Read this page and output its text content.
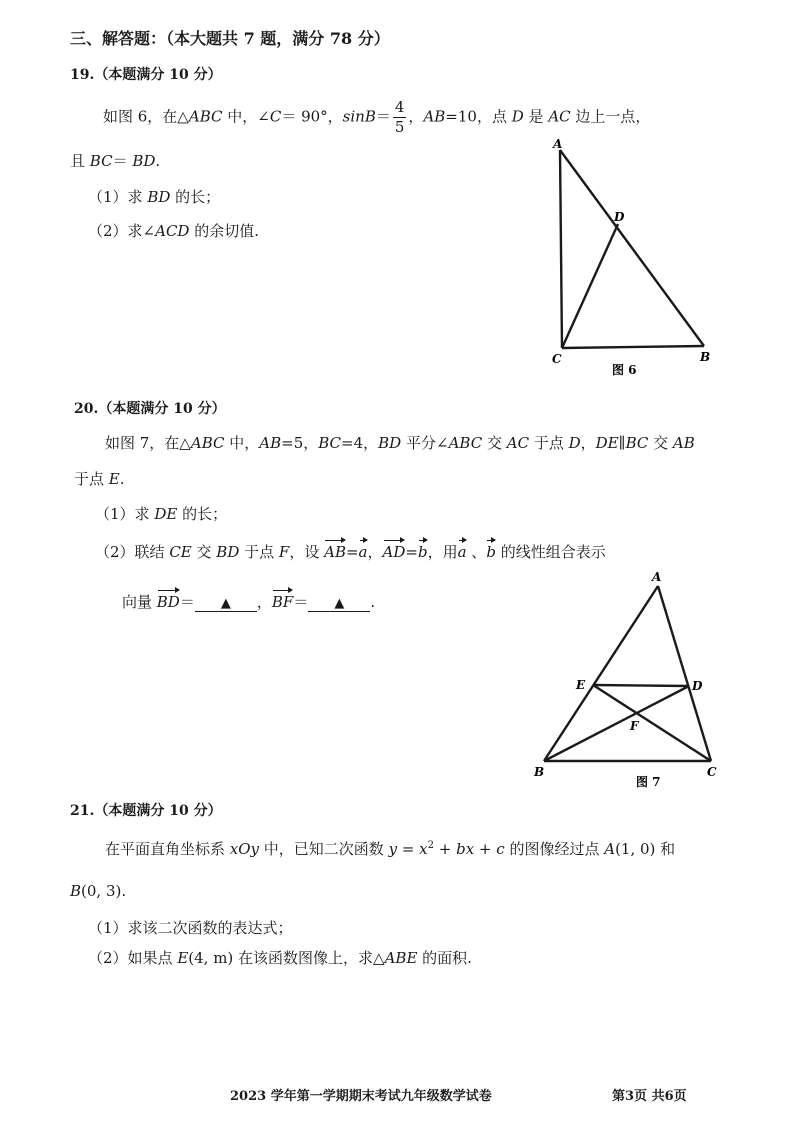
三、解答题：（本大题共 7 题，满分 78 分）
19.（本题满分 10 分）
如图 6，在△ABC 中，∠C＝ 90°，$\sin B= \frac{4}{5}$ ，AB=10，点 D 是 AC 边上一点，
且 BC＝ BD.
（1）求 BD 的长；
（2）求∠ACD 的余切值.
A
D
C	B
图 6
20.（本题满分 10 分）
如图 7，在△ABC 中，AB=5，BC=4，BD 平分∠ABC 交 AC 于点 D，DE∥BC 交 AB
于点 E.
（1）求 DE 的长；
（2）联结 CE 交 BD 于点 F，设 AB=a，AD=b，用a 、b 的线性组合表示
向量 BD＝ ▲ ，BF＝ ▲ .
A
E	D
F
B	C
图 7
21.（本题满分 10 分）
在平面直角坐标系 xOy 中，已知二次函数 $y = x^2$ + bx + c 的图像经过点 A(1, 0) 和
B(0, 3).
（1）求该二次函数的表达式；
（2）如果点 E(4, m) 在该函数图像上，求△ABE 的面积.
2023 学年第一学期期末考试九年级数学试卷	第3页 共6页
